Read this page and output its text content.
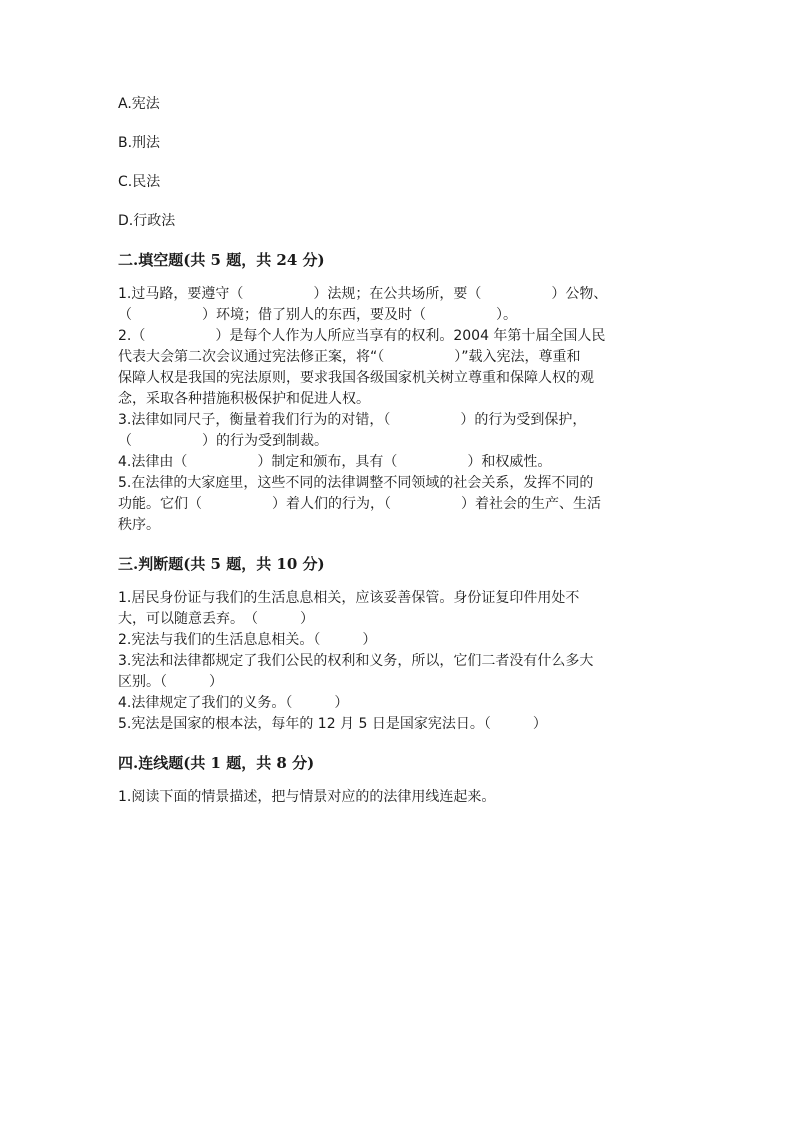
A.宪法
B.刑法
C.民法
D.行政法
二.填空题(共 5 题，共 24 分)
1.过马路，要遵守（　　　　　）法规；在公共场所，要（　　　　　）公物、
（　　　　　）环境；借了别人的东西，要及时（　　　　　）。
2.（　　　　　）是每个人作为人所应当享有的权利。2004 年第十届全国人民
代表大会第二次会议通过宪法修正案，将“（　　　　　）”载入宪法，尊重和
保障人权是我国的宪法原则，要求我国各级国家机关树立尊重和保障人权的观
念，采取各种措施积极保护和促进人权。
3.法律如同尺子，衡量着我们行为的对错，（　　　　　）的行为受到保护，
（　　　　　）的行为受到制裁。
4.法律由（　　　　　）制定和颁布，具有（　　　　　）和权威性。
5.在法律的大家庭里，这些不同的法律调整不同领域的社会关系，发挥不同的
功能。它们（　　　　　）着人们的行为，（　　　　　）着社会的生产、生活
秩序。
三.判断题(共 5 题，共 10 分)
1.居民身份证与我们的生活息息相关，应该妥善保管。身份证复印件用处不
大，可以随意丢弃。　（　　　）
2.宪法与我们的生活息息相关。（　　　）
3.宪法和法律都规定了我们公民的权利和义务，所以，它们二者没有什么多大
区别。（　　　）
4.法律规定了我们的义务。（　　　）
5.宪法是国家的根本法，每年的 12 月 5 日是国家宪法日。（　　　）
四.连线题(共 1 题，共 8 分)
1.阅读下面的情景描述，把与情景对应的的法律用线连起来。
